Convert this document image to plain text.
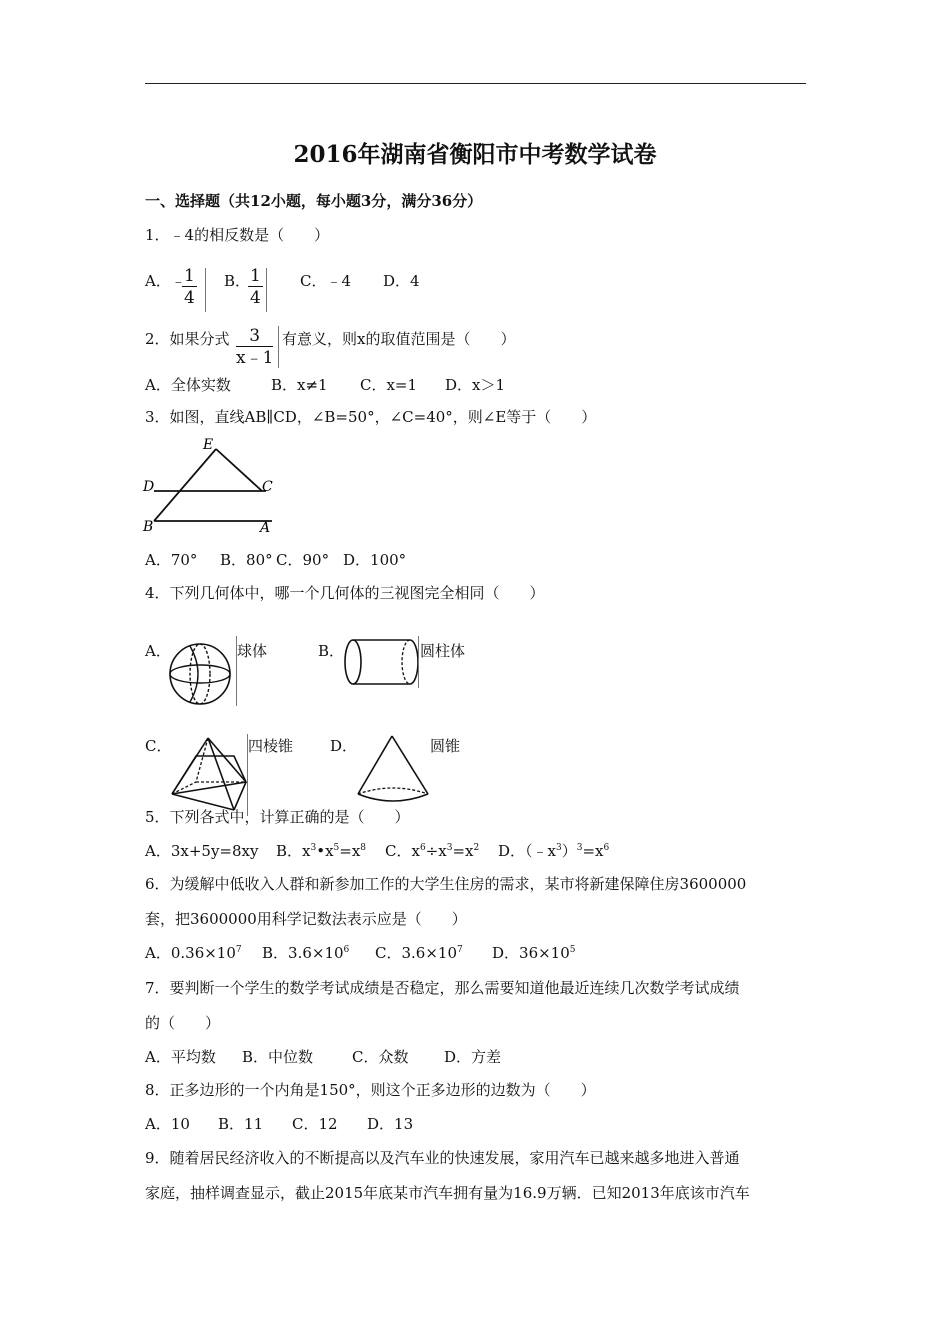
2016年湖南省衡阳市中考数学试卷
一、选择题（共12小题，每小题3分，满分36分）
1．﹣4的相反数是（　　）
A．﹣
$\frac{1}{4}$ B．
$\frac{1}{4}$ C．﹣4 D．4
2．如果分式 $\frac{3}{x﹣1}$ 有意义，则x的取值范围是（　　）
A．全体实数	B．x≠1 C．x=1 D．x＞1
3．如图，直线AB∥CD，∠B=50°，∠C=40°，则∠E等于（　　）
E
D	C
B	A
A．70° B．80° C．90° D．100°
4．下列几何体中，哪一个几何体的三视图完全相同（　　）
A．	球体	B．	圆柱体
C．	四棱锥 D．	圆锥
5．下列各式中，计算正确的是（　　）
A．3x+5y=8xy B．$x^3•x^5=x^8$ C．$x^6\div x^3=x^2$ D．$(﹣x^3)^3=x^6$
6．为缓解中低收入人群和新参加工作的大学生住房的需求，某市将新建保障住房3600000
套，把3600000用科学记数法表示应是（　　）
A．$0.36\times 10^7$ B．$3.6\times 10^6$ C．$3.6\times 10^7$ D．$36\times 10^5$
7．要判断一个学生的数学考试成绩是否稳定，那么需要知道他最近连续几次数学考试成绩
的（　　）
A．平均数 B．中位数	C．众数 D．方差
8．正多边形的一个内角是150°，则这个正多边形的边数为（　　）
A．10 B．11 C．12 D．13
9．随着居民经济收入的不断提高以及汽车业的快速发展，家用汽车已越来越多地进入普通
家庭，抽样调查显示，截止2015年底某市汽车拥有量为16.9万辆．已知2013年底该市汽车
